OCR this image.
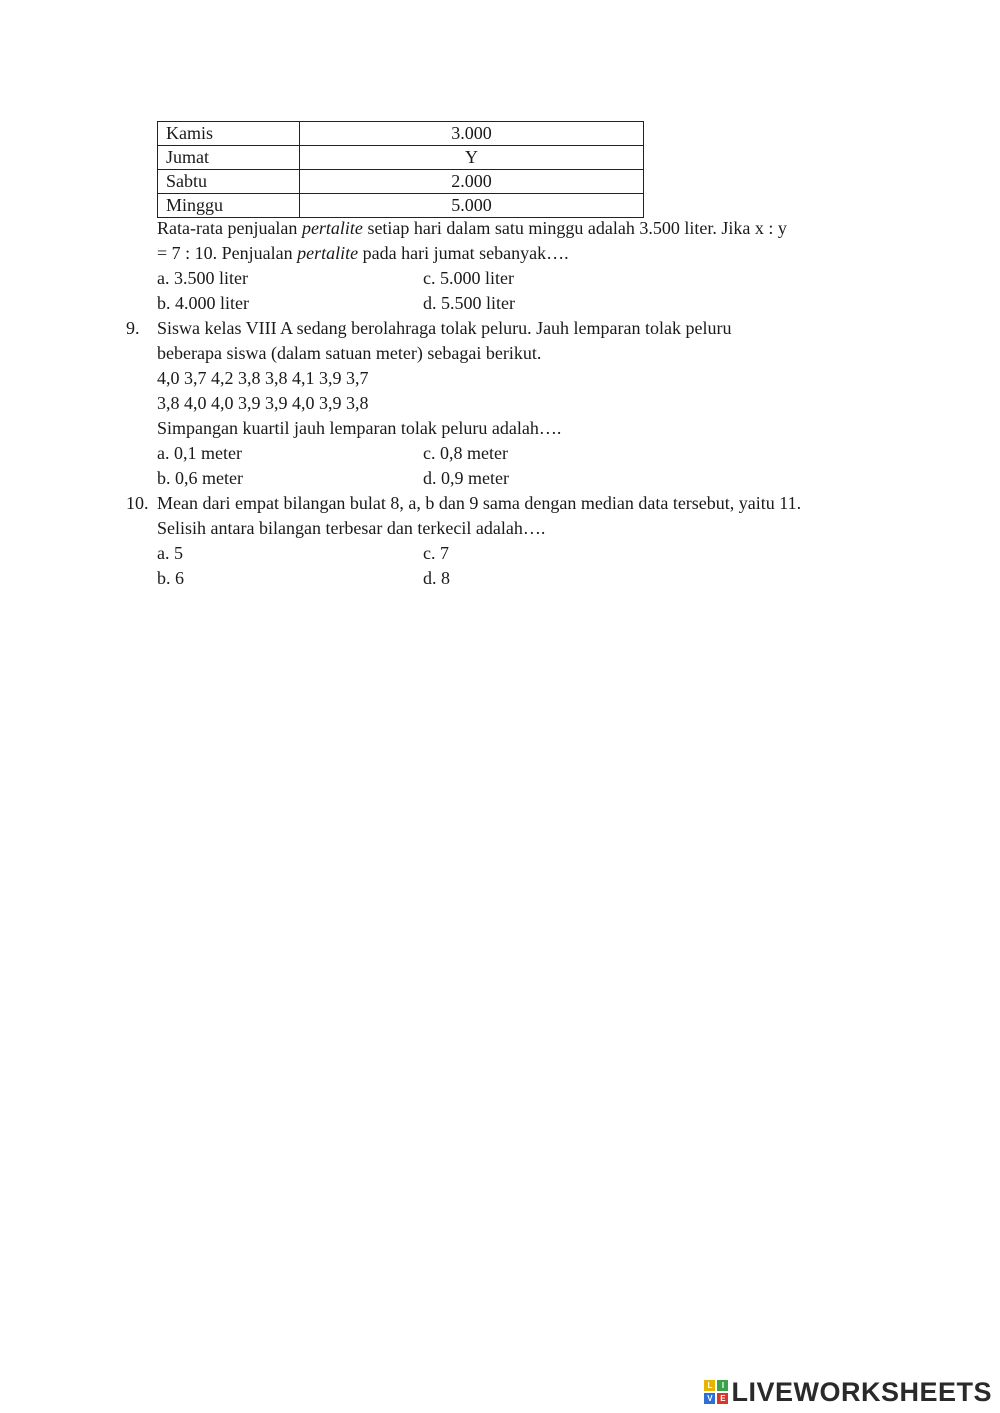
Kamis	3.000
Jumat	Y
Sabtu	2.000
Minggu	5.000
Rata-rata penjualan pertalite setiap hari dalam satu minggu adalah 3.500 liter. Jika x : y
= 7 : 10. Penjualan pertalite pada hari jumat sebanyak….
a. 3.500 liter	c. 5.000 liter
b. 4.000 liter	d. 5.500 liter
9. Siswa kelas VIII A sedang berolahraga tolak peluru. Jauh lemparan tolak peluru
beberapa siswa (dalam satuan meter) sebagai berikut.
4,0 3,7 4,2 3,8 3,8 4,1 3,9 3,7
3,8 4,0 4,0 3,9 3,9 4,0 3,9 3,8
Simpangan kuartil jauh lemparan tolak peluru adalah….
a. 0,1 meter	c. 0,8 meter
b. 0,6 meter	d. 0,9 meter
10. Mean dari empat bilangan bulat 8, a, b dan 9 sama dengan median data tersebut, yaitu 11.
Selisih antara bilangan terbesar dan terkecil adalah….
a. 5	c. 7
b. 6	d. 8
L	I
V E LIVEWORKSHEETS
